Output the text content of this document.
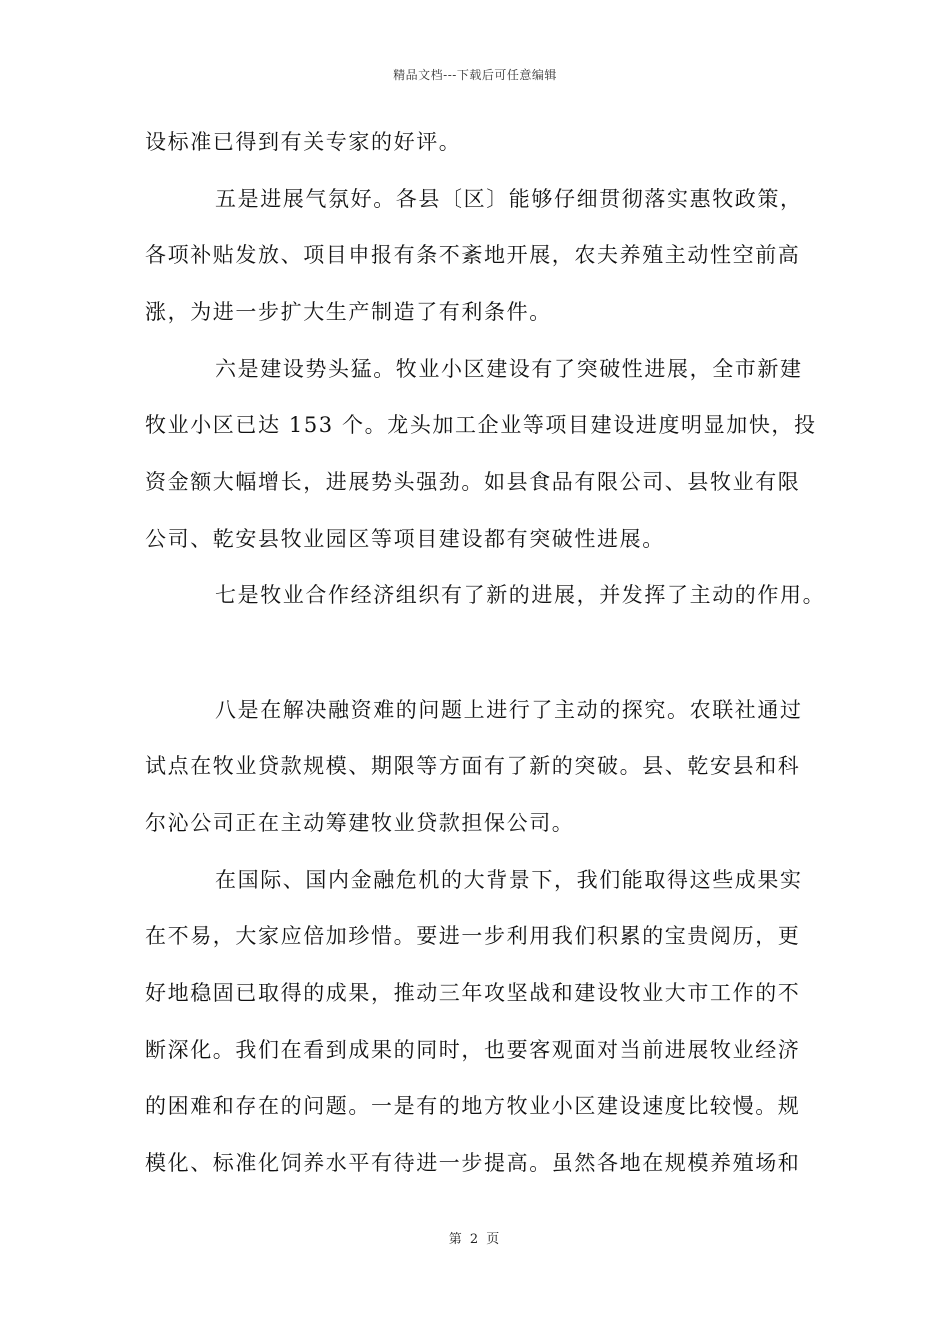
精品文档---下载后可任意编辑
设标准已得到有关专家的好评。
五是进展气氛好。各县〔区〕能够仔细贯彻落实惠牧政策，
各项补贴发放、项目申报有条不紊地开展，农夫养殖主动性空前高
涨，为进一步扩大生产制造了有利条件。
六是建设势头猛。牧业小区建设有了突破性进展，全市新建
牧业小区已达 153 个。龙头加工企业等项目建设进度明显加快，投
资金额大幅增长，进展势头强劲。如县食品有限公司、县牧业有限
公司、乾安县牧业园区等项目建设都有突破性进展。
七是牧业合作经济组织有了新的进展，并发挥了主动的作用。
八是在解决融资难的问题上进行了主动的探究。农联社通过
试点在牧业贷款规模、期限等方面有了新的突破。县、乾安县和科
尔沁公司正在主动筹建牧业贷款担保公司。
在国际、国内金融危机的大背景下，我们能取得这些成果实
在不易，大家应倍加珍惜。要进一步利用我们积累的宝贵阅历，更
好地稳固已取得的成果，推动三年攻坚战和建设牧业大市工作的不
断深化。我们在看到成果的同时，也要客观面对当前进展牧业经济
的困难和存在的问题。一是有的地方牧业小区建设速度比较慢。规
模化、标准化饲养水平有待进一步提高。虽然各地在规模养殖场和
第 2 页
